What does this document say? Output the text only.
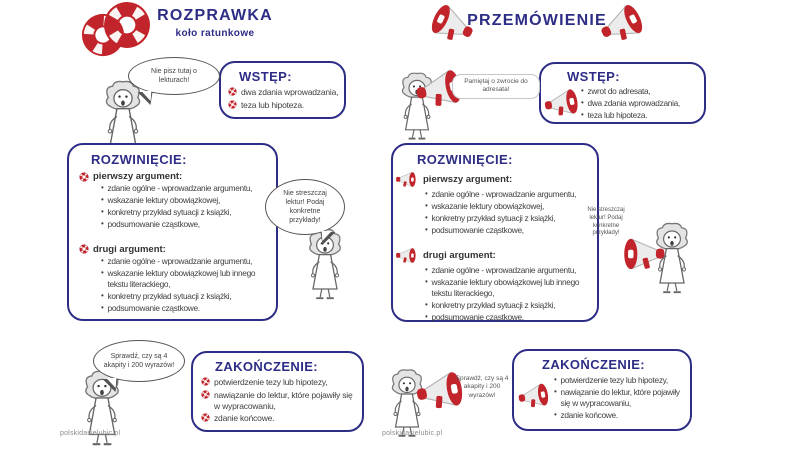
ROZPRAWKA
koło ratunkowe
Nie pisz tutaj o lekturach!	WSTĘP:
dwa zdania wprowadzania,
teza lub hipoteza.
ROZWINIĘCIE:
pierwszy argument:
• zdanie ogólne - wprowadzanie argumentu,
• wskazanie lektury obowiązkowej,
• konkretny przykład sytuacji z książki,
• podsumowanie cząstkowe,
drugi argument:
• zdanie ogólne - wprowadzanie argumentu,
• wskazanie lektury obowiązkowej lub innego tekstu literackiego,
• konkretny przykład sytuacji z książki,
• podsumowanie cząstkowe.
Nie streszczaj lektur! Podaj konkretne przykłady!
Sprawdź, czy są 4 akapity i 200 wyrazów!	ZAKOŃCZENIE:
potwierdzenie tezy lub hipotezy,
nawiązanie do lektur, które pojawiły się w wypracowaniu,
zdanie końcowe.
PRZEMÓWIENIE
Pamiętaj o zwrocie do adresata!
WSTĘP:
• zwrot do adresata,
• dwa zdania wprowadzania,
• teza lub hipoteza.
ROZWINIĘCIE:
pierwszy argument:
• zdanie ogólne - wprowadzanie argumentu,
• wskazanie lektury obowiązkowej,
• konkretny przykład sytuacji z książki,
• podsumowanie cząstkowe,
drugi argument:
• zdanie ogólne - wprowadzanie argumentu,
• wskazanie lektury obowiązkowej lub innego tekstu literackiego,
• konkretny przykład sytuacji z książki,
• podsumowanie cząstkowe.
Nie streszczaj lektur! Podaj konkretne przykłady!
Sprawdź, czy są 4 akapity i 200 wyrazów!
ZAKOŃCZENIE:
• potwierdzenie tezy lub hipotezy,
• nawiązanie do lektur, które pojawiły się w wypracowaniu,
• zdanie końcowe.
polskidasielubic.pl	polskidasielubic.pl
